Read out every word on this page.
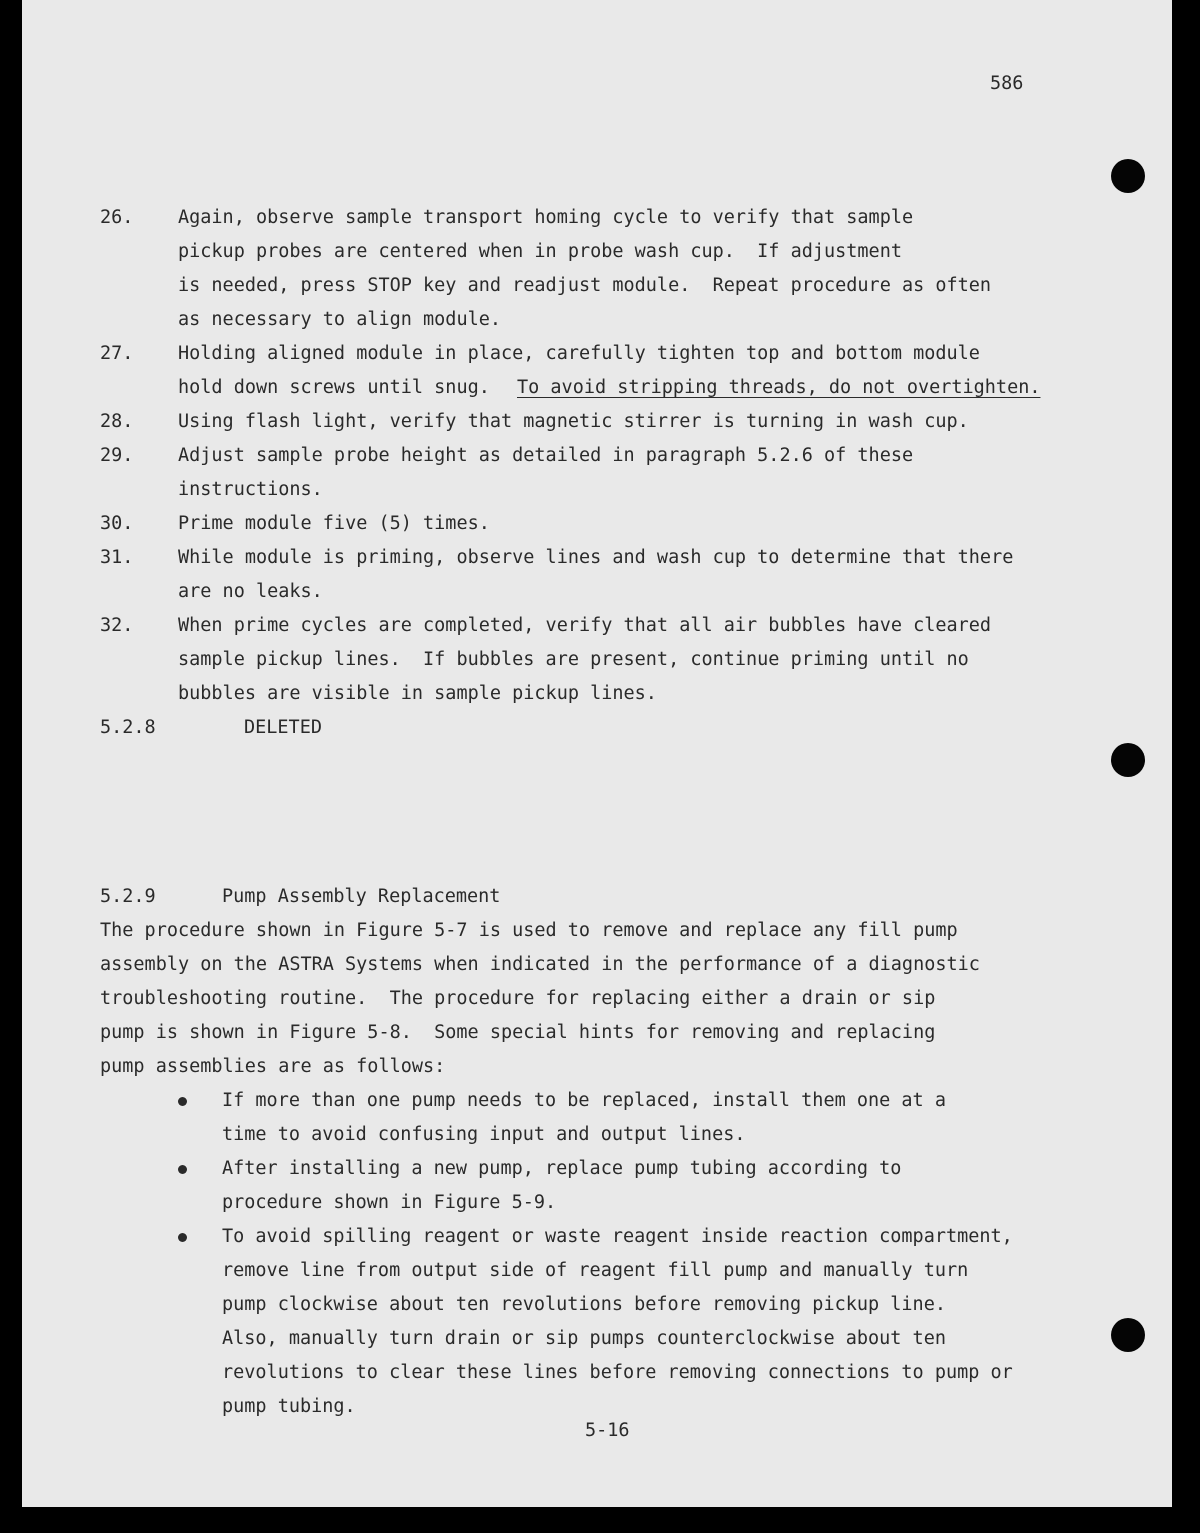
586
26. Again, observe sample transport homing cycle to verify that sample
pickup probes are centered when in probe wash cup.  If adjustment
is needed, press STOP key and readjust module.  Repeat procedure as often
as necessary to align module.
27. Holding aligned module in place, carefully tighten top and bottom module
hold down screws until snug. To avoid stripping threads, do not overtighten.
28. Using flash light, verify that magnetic stirrer is turning in wash cup.
29. Adjust sample probe height as detailed in paragraph 5.2.6 of these
instructions.
30. Prime module five (5) times.
31. While module is priming, observe lines and wash cup to determine that there
are no leaks.
32. When prime cycles are completed, verify that all air bubbles have cleared
sample pickup lines.  If bubbles are present, continue priming until no
bubbles are visible in sample pickup lines.
5.2.8	DELETED
5.2.9	Pump Assembly Replacement
The procedure shown in Figure 5-7 is used to remove and replace any fill pump
assembly on the ASTRA Systems when indicated in the performance of a diagnostic
troubleshooting routine.  The procedure for replacing either a drain or sip
pump is shown in Figure 5-8.  Some special hints for removing and replacing
pump assemblies are as follows:
If more than one pump needs to be replaced, install them one at a
time to avoid confusing input and output lines.
After installing a new pump, replace pump tubing according to
procedure shown in Figure 5-9.
To avoid spilling reagent or waste reagent inside reaction compartment,
remove line from output side of reagent fill pump and manually turn
pump clockwise about ten revolutions before removing pickup line.
Also, manually turn drain or sip pumps counterclockwise about ten
revolutions to clear these lines before removing connections to pump or
pump tubing.
5-16
